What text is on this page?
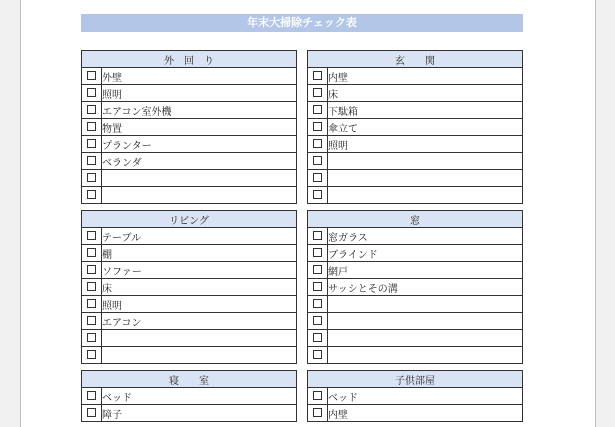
年末大掃除チェック表
外　回　り	
	外壁
	照明
	エアコン室外機
	物置
	プランター
	ベランダ

玄　　関	
	内壁
	床
	下駄箱
	傘立て
	照明

リビング	
	テーブル
	棚
	ソファー
	床
	照明
	エアコン

窓	
	窓ガラス
	ブラインド
	網戸
	サッシとその溝

寝　　室	
	ベッド
	障子
子供部屋	
	ベッド
	内壁
